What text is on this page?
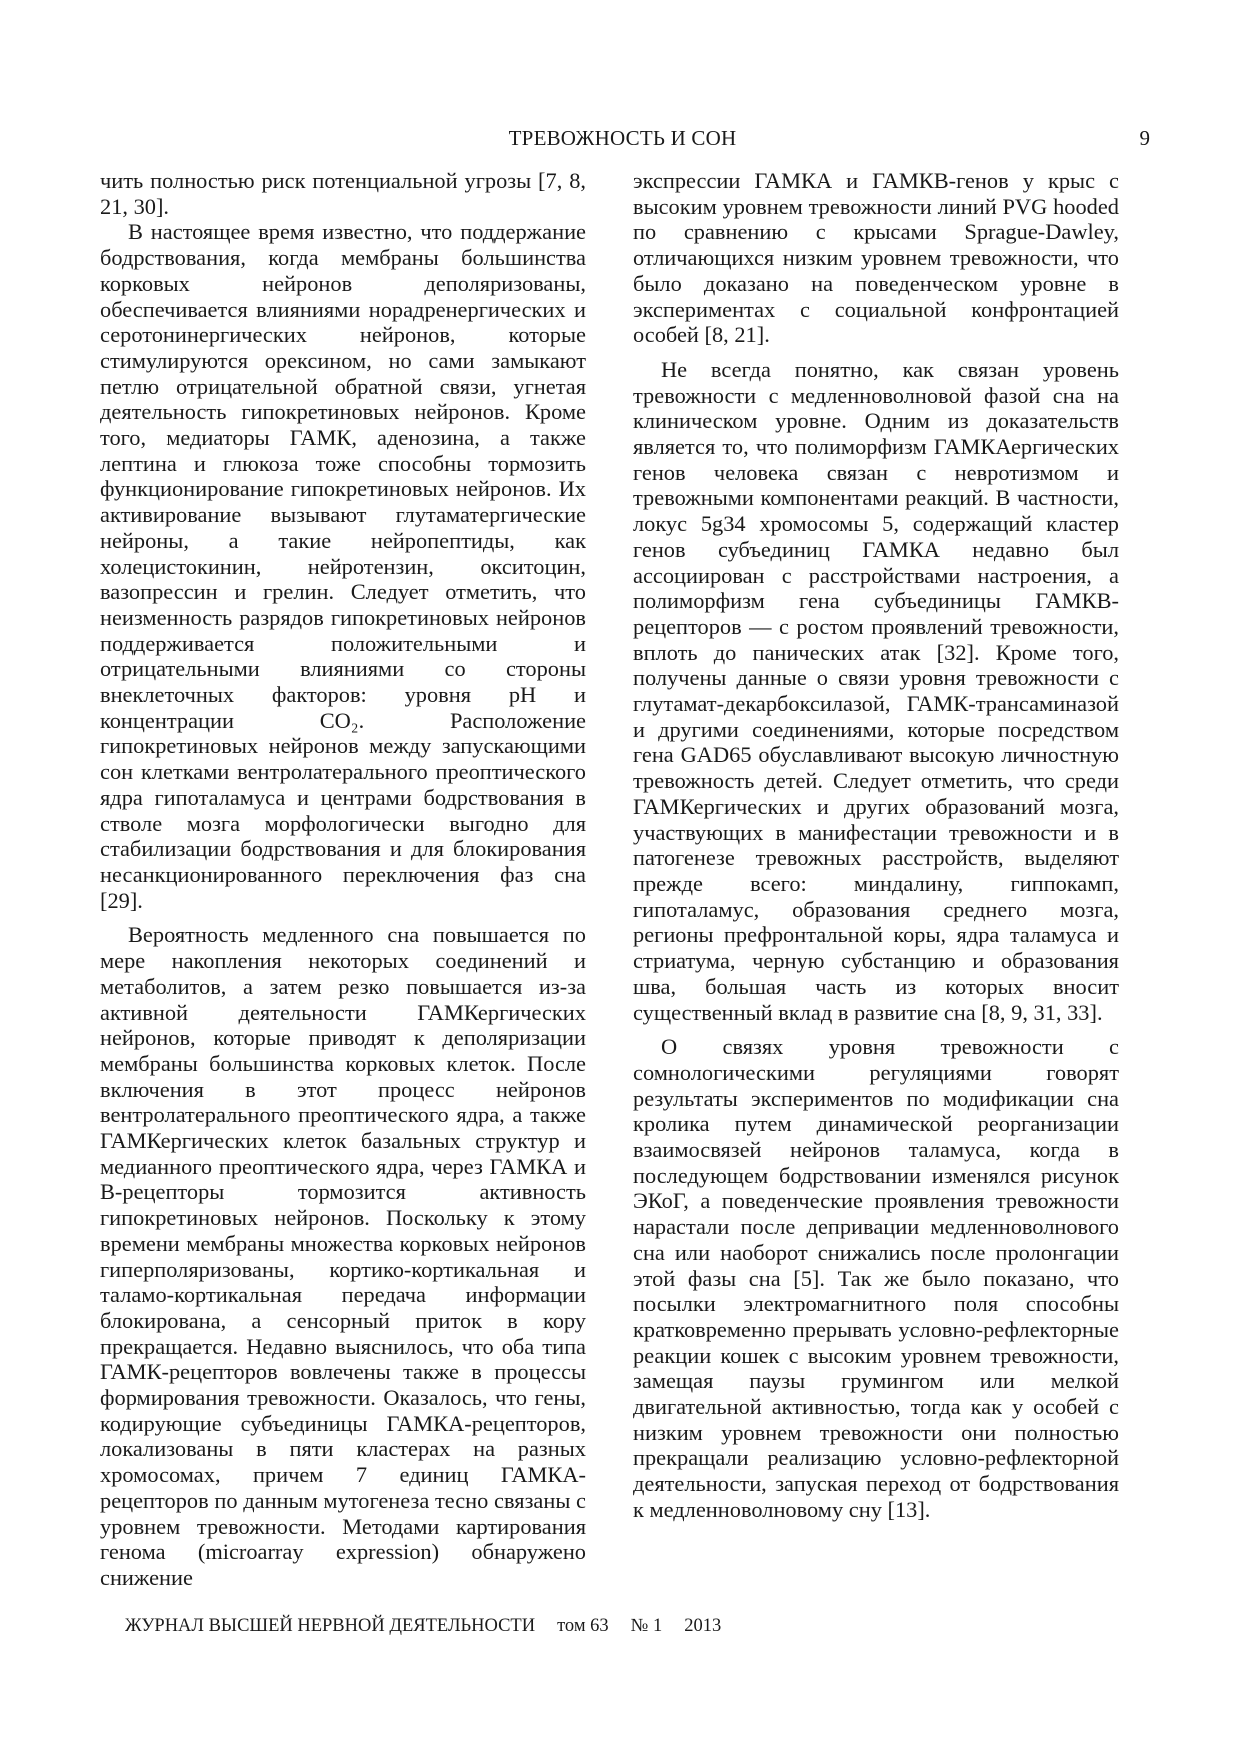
ТРЕВОЖНОСТЬ И СОН	9

чить полностью риск потенциальной угрозы [7, 8, 21, 30].

В настоящее время известно, что поддержание бодрствования, когда мембраны большинства корковых нейронов деполяризованы, обеспечивается влияниями норадренергических и серотонинергических нейронов, которые стимулируются орексином, но сами замыкают петлю отрицательной обратной связи, угнетая деятельность гипокретиновых нейронов. Кроме того, медиаторы ГАМК, аденозина, а также лептина и глюкоза тоже способны тормозить функционирование гипокретиновых нейронов. Их активирование вызывают глутаматергические нейроны, а такие нейропептиды, как холецистокинин, нейротензин, окситоцин, вазопрессин и грелин. Следует отметить, что неизменность разрядов гипокретиновых нейронов поддерживается положительными и отрицательными влияниями со стороны внеклеточных факторов: уровня pH и концентрации CO₂. Расположение гипокретиновых нейронов между запускающими сон клетками вентролатерального преоптического ядра гипоталамуса и центрами бодрствования в стволе мозга морфологически выгодно для стабилизации бодрствования и для блокирования несанкционированного переключения фаз сна [29].

Вероятность медленного сна повышается по мере накопления некоторых соединений и метаболитов, а затем резко повышается из-за активной деятельности ГАМКергических нейронов, которые приводят к деполяризации мембраны большинства корковых клеток. После включения в этот процесс нейронов вентролатерального преоптического ядра, а также ГАМКергических клеток базальных структур и медианного преоптического ядра, через ГАМКА и В-рецепторы тормозится активность гипокретиновых нейронов. Поскольку к этому времени мембраны множества корковых нейронов гиперполяризованы, кортико-кортикальная и таламо-кортикальная передача информации блокирована, а сенсорный приток в кору прекращается. Недавно выяснилось, что оба типа ГАМК-рецепторов вовлечены также в процессы формирования тревожности. Оказалось, что гены, кодирующие субъединицы ГАМКА-рецепторов, локализованы в пяти кластерах на разных хромосомах, причем 7 единиц ГАМКА-рецепторов по данным мутогенеза тесно связаны с уровнем тревожности. Методами картирования генома (microarray expression) обнаружено снижение

экспрессии ГАМКА и ГАМКВ-генов у крыс с высоким уровнем тревожности линий PVG hooded по сравнению с крысами Sprague-Dawley, отличающихся низким уровнем тревожности, что было доказано на поведенческом уровне в экспериментах с социальной конфронтацией особей [8, 21].

Не всегда понятно, как связан уровень тревожности с медленноволновой фазой сна на клиническом уровне. Одним из доказательств является то, что полиморфизм ГАМКАергических генов человека связан с невротизмом и тревожными компонентами реакций. В частности, локус 5g34 хромосомы 5, содержащий кластер генов субъединиц ГАМКА недавно был ассоциирован с расстройствами настроения, а полиморфизм гена субъединицы ГАМКВ-рецепторов — с ростом проявлений тревожности, вплоть до панических атак [32]. Кроме того, получены данные о связи уровня тревожности с глутамат-декарбоксилазой, ГАМК-трансаминазой и другими соединениями, которые посредством гена GAD65 обуславливают высокую личностную тревожность детей. Следует отметить, что среди ГАМКергических и других образований мозга, участвующих в манифестации тревожности и в патогенезе тревожных расстройств, выделяют прежде всего: миндалину, гиппокамп, гипоталамус, образования среднего мозга, регионы префронтальной коры, ядра таламуса и стриатума, черную субстанцию и образования шва, большая часть из которых вносит существенный вклад в развитие сна [8, 9, 31, 33].

О связях уровня тревожности с сомнологическими регуляциями говорят результаты экспериментов по модификации сна кролика путем динамической реорганизации взаимосвязей нейронов таламуса, когда в последующем бодрствовании изменялся рисунок ЭКоГ, а поведенческие проявления тревожности нарастали после депривации медленноволнового сна или наоборот снижались после пролонгации этой фазы сна [5]. Так же было показано, что посылки электромагнитного поля способны кратковременно прерывать условно-рефлекторные реакции кошек с высоким уровнем тревожности, замещая паузы грумингом или мелкой двигательной активностью, тогда как у особей с низким уровнем тревожности они полностью прекращали реализацию условно-рефлекторной деятельности, запуская переход от бодрствования к медленноволновому сну [13].

ЖУРНАЛ ВЫСШЕЙ НЕРВНОЙ ДЕЯТЕЛЬНОСТИ том 63 № 1 2013
